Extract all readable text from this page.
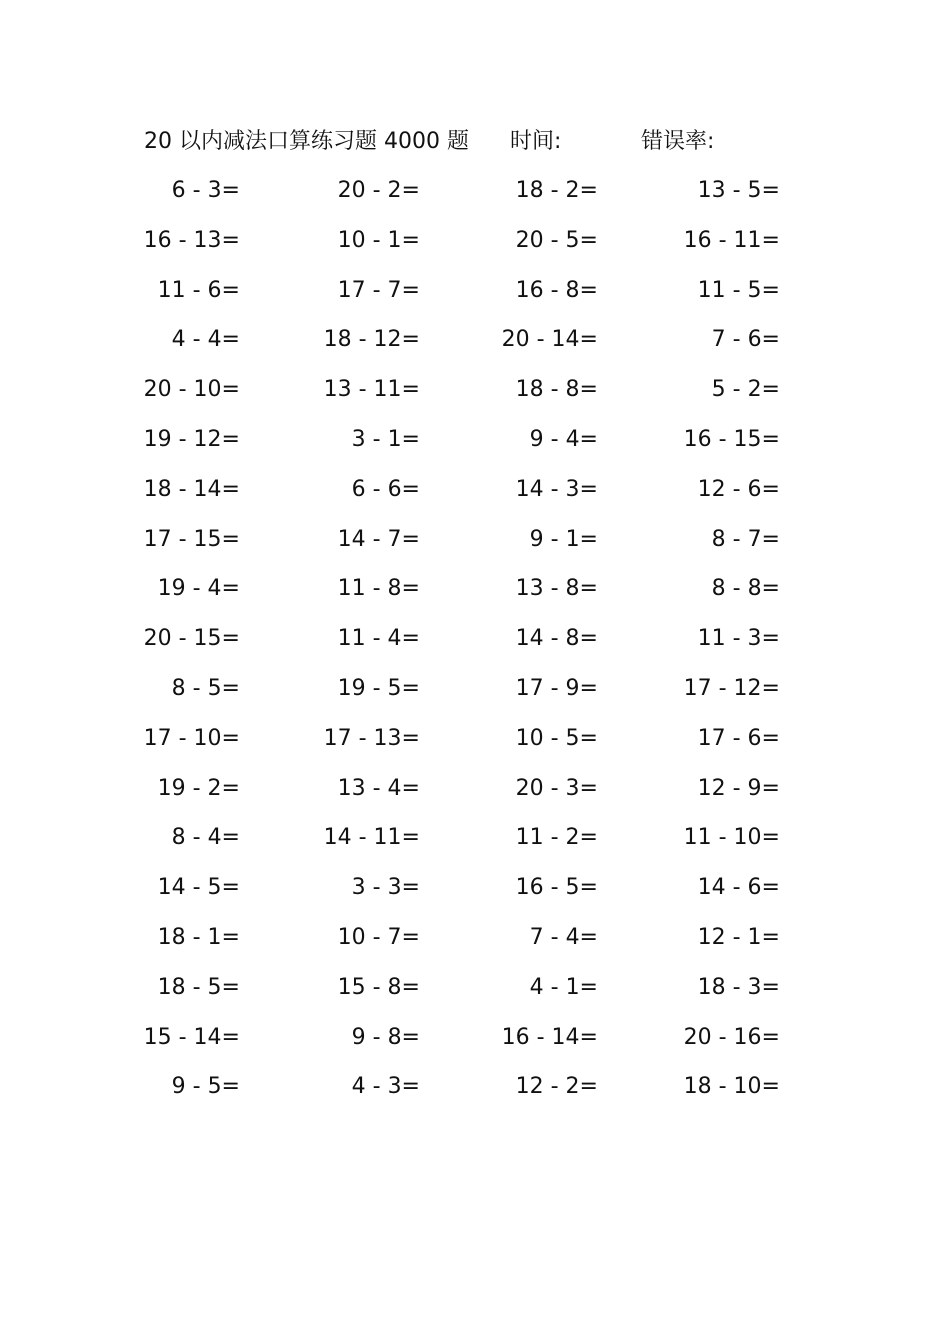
20 以内减法口算练习题 4000 题 时间:	错误率:
6 - 3=	20 - 2=	18 - 2=	13 - 5=
16 - 13=	10 - 1=	20 - 5=	16 - 11=
11 - 6=	17 - 7=	16 - 8=	11 - 5=
4 - 4=	18 - 12=	20 - 14=	7 - 6=
20 - 10=	13 - 11=	18 - 8=	5 - 2=
19 - 12=	3 - 1=	9 - 4=	16 - 15=
18 - 14=	6 - 6=	14 - 3=	12 - 6=
17 - 15=	14 - 7=	9 - 1=	8 - 7=
19 - 4=	11 - 8=	13 - 8=	8 - 8=
20 - 15=	11 - 4=	14 - 8=	11 - 3=
8 - 5=	19 - 5=	17 - 9=	17 - 12=
17 - 10=	17 - 13=	10 - 5=	17 - 6=
19 - 2=	13 - 4=	20 - 3=	12 - 9=
8 - 4=	14 - 11=	11 - 2=	11 - 10=
14 - 5=	3 - 3=	16 - 5=	14 - 6=
18 - 1=	10 - 7=	7 - 4=	12 - 1=
18 - 5=	15 - 8=	4 - 1=	18 - 3=
15 - 14=	9 - 8=	16 - 14=	20 - 16=
9 - 5=	4 - 3=	12 - 2=	18 - 10=
